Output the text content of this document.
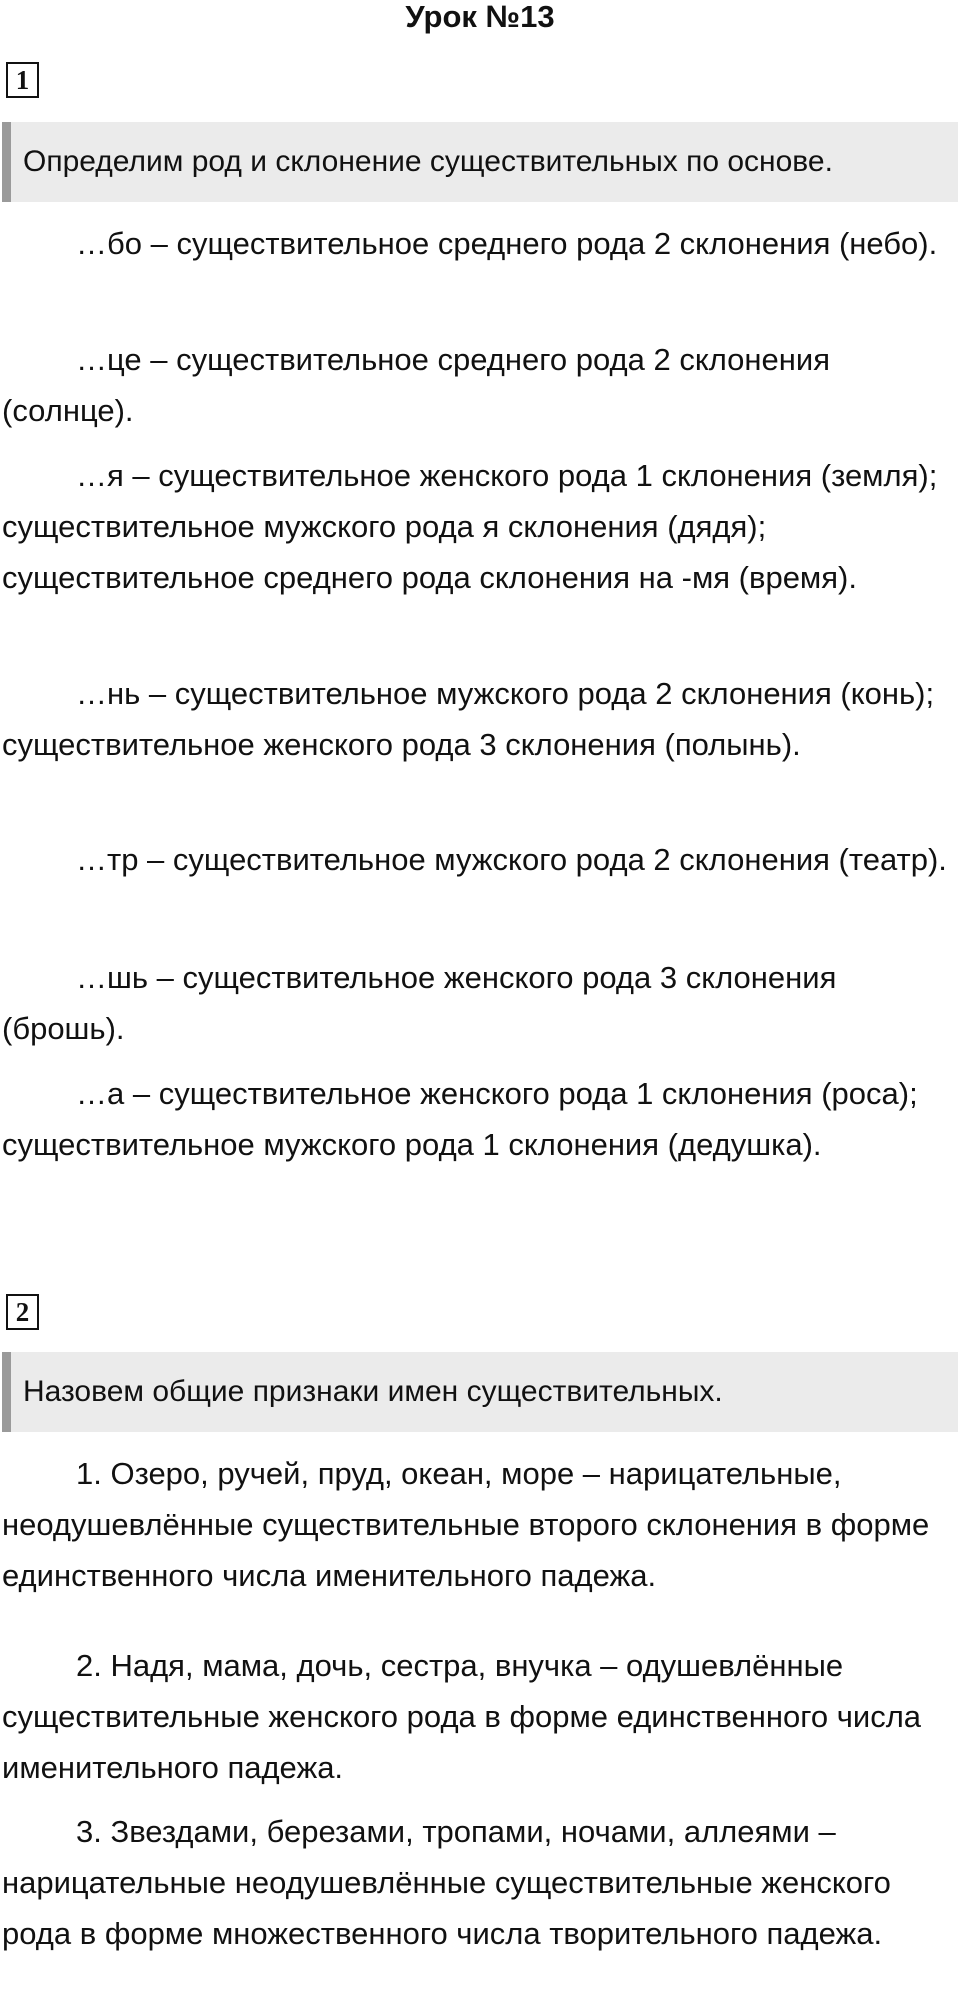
Урок №13
1
Определим род и склонение существительных по основе.

…бо – существительное среднего рода 2 склонения (небо).

…це – существительное среднего рода 2 склонения (солнце).

…я – существительное женского рода 1 склонения (земля); существительное мужского рода я склонения (дядя); существительное среднего рода склонения на -мя (время).

…нь – существительное мужского рода 2 склонения (конь); существительное женского рода 3 склонения (полынь).

…тр – существительное мужского рода 2 склонения (театр).

…шь – существительное женского рода 3 склонения (брошь).

…а – существительное женского рода 1 склонения (роса); существительное мужского рода 1 склонения (дедушка).

2
Назовем общие признаки имен существительных.

1. Озеро, ручей, пруд, океан, море – нарицательные, неодушевлённые существительные второго склонения в форме единственного числа именительного падежа.

2. Надя, мама, дочь, сестра, внучка – одушевлённые существительные женского рода в форме единственного числа именительного падежа.

3. Звездами, березами, тропами, ночами, аллеями – нарицательные неодушевлённые существительные женского рода в форме множественного числа творительного падежа.
